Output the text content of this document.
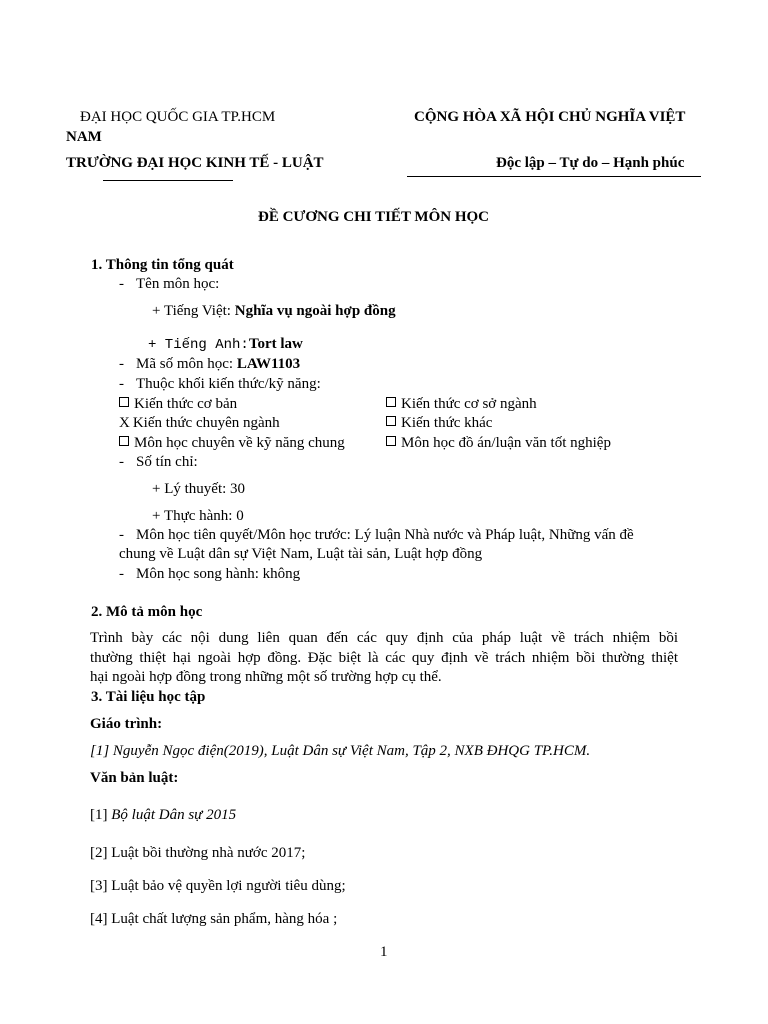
ĐẠI HỌC QUỐC GIA TP.HCM	CỘNG HÒA XÃ HỘI CHỦ NGHĨA VIỆT
NAM
TRƯỜNG ĐẠI HỌC KINH TẾ - LUẬT	Độc lập – Tự do – Hạnh phúc
ĐỀ CƯƠNG CHI TIẾT MÔN HỌC
1. Thông tin tổng quát
- Tên môn học:
+ Tiếng Việt: Nghĩa vụ ngoài hợp đồng
+ Tiếng Anh:Tort law
- Mã số môn học: LAW1103
- Thuộc khối kiến thức/kỹ năng:
Kiến thức cơ bản	Kiến thức cơ sở ngành
X Kiến thức chuyên ngành	Kiến thức khác
Môn học chuyên về kỹ năng chung	Môn học đồ án/luận văn tốt nghiệp
- Số tín chỉ:
+ Lý thuyết: 30
+ Thực hành: 0
- Môn học tiên quyết/Môn học trước: Lý luận Nhà nước và Pháp luật, Những vấn đề
chung về Luật dân sự Việt Nam, Luật tài sản, Luật hợp đồng
- Môn học song hành: không
2. Mô tả môn học
Trình bày các nội dung liên quan đến các quy định của pháp luật về trách nhiệm bồi
thường thiệt hại ngoài hợp đồng. Đặc biệt là các quy định về trách nhiệm bồi thường thiệt
hại ngoài hợp đồng trong những một số trường hợp cụ thể.
3. Tài liệu học tập
Giáo trình:
[1] Nguyễn Ngọc điện(2019), Luật Dân sự Việt Nam, Tập 2, NXB ĐHQG TP.HCM.
Văn bản luật:
[1] Bộ luật Dân sự 2015
[2] Luật bồi thường nhà nước 2017;
[3] Luật bảo vệ quyền lợi người tiêu dùng;
[4] Luật chất lượng sản phẩm, hàng hóa ;
1
